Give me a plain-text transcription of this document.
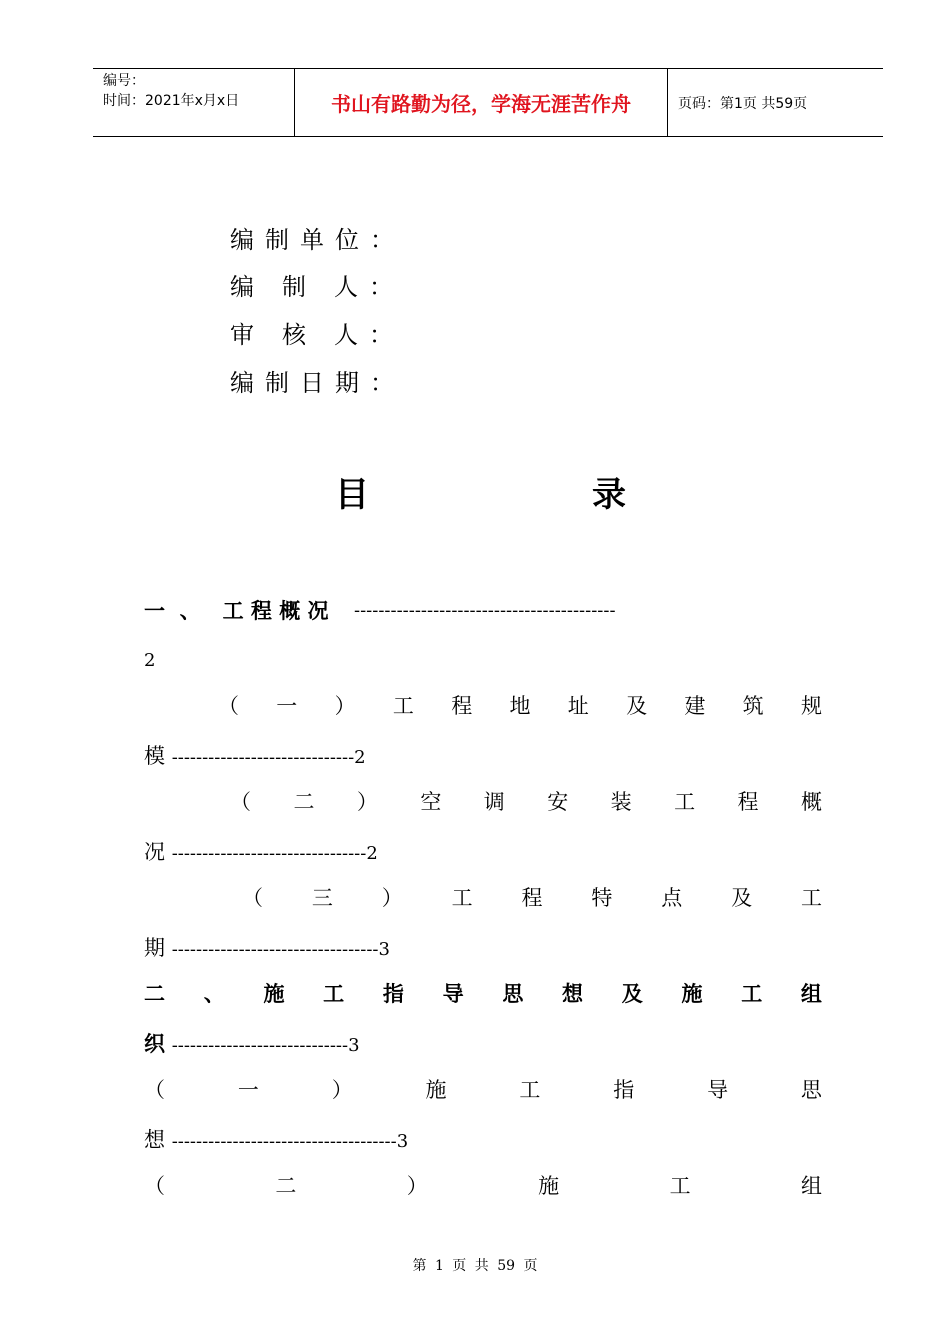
编号：
时间：2021年x月x日	书山有路勤为径，学海无涯苦作舟	页码：第1页 共59页
编 制 单 位 ：
编	制	人 ：
审	核	人 ：
编 制 日 期 ：
目	录
一 、 工 程 概 况	-------------------------------------------
2
（ 一 ） 工 程 地 址 及 建 筑 规
模 ------------------------------2
（ 二 ） 空 调 安 装 工 程 概
况 --------------------------------2
（ 三 ） 工 程 特 点 及 工
期 ----------------------------------3
二 、 施 工 指 导 思 想 及 施 工 组
织 -----------------------------3
（	一	）	施	工	指	导	思
想 -------------------------------------3
（	二	）	施	工	组
第 1 页 共 59 页
